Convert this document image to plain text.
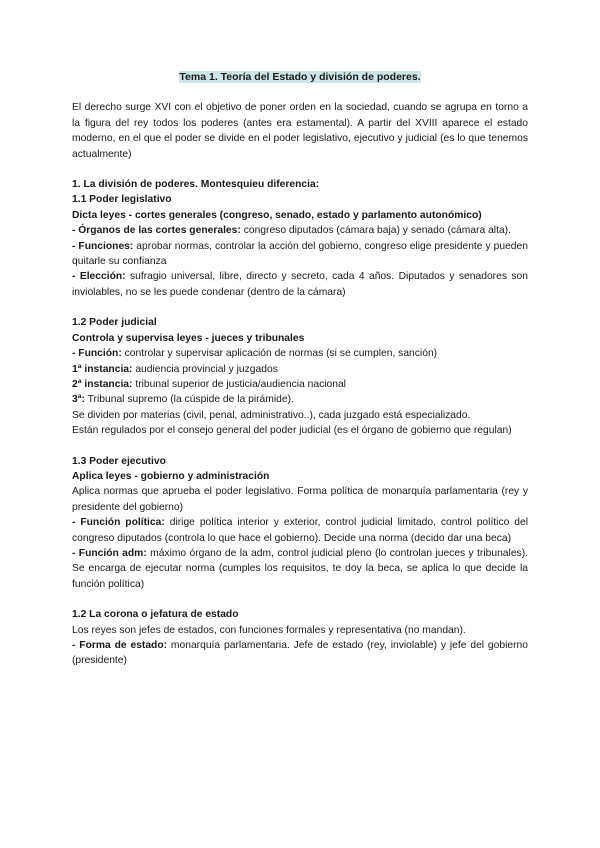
Tema 1. Teoría del Estado y división de poderes.

El derecho surge XVI con el objetivo de poner orden en la sociedad, cuando se agrupa en torno a la figura del rey todos los poderes (antes era estamental). A partir del XVIII aparece el estado moderno, en el que el poder se divide en el poder legislativo, ejecutivo y judicial (es lo que tenemos actualmente)

1. La división de poderes. Montesquieu diferencia:

1.1 Poder legislativo

Dicta leyes - cortes generales (congreso, senado, estado y parlamento autonómico)

- Órganos de las cortes generales: congreso diputados (cámara baja) y senado (cámara alta).

- Funciones: aprobar normas, controlar la acción del gobierno, congreso elige presidente y pueden quitarle su confianza

- Elección: sufragio universal, libre, directo y secreto, cada 4 años. Diputados y senadores son inviolables, no se les puede condenar (dentro de la cámara)

1.2 Poder judicial

Controla y supervisa leyes - jueces y tribunales

- Función: controlar y supervisar aplicación de normas (si se cumplen, sanción)

1ª instancia: audiencia provincial y juzgados

2ª instancia: tribunal superior de justicia/audiencia nacional

3ª: Tribunal supremo (la cúspide de la pirámide).

Se dividen por materias (civil, penal, administrativo..), cada juzgado está especializado.

Están regulados por el consejo general del poder judicial (es el órgano de gobierno que regulan)

1.3 Poder ejecutivo

Aplica leyes - gobierno y administración

Aplica normas que aprueba el poder legislativo. Forma política de monarquía parlamentaria (rey y presidente del gobierno)

- Función política: dirige política interior y exterior, control judicial limitado, control político del congreso diputados (controla lo que hace el gobierno). Decide una norma (decido dar una beca)

- Función adm: máximo órgano de la adm, control judicial pleno (lo controlan jueces y tribunales). Se encarga de ejecutar norma (cumples los requisitos, te doy la beca, se aplica lo que decide la función política)

1.2 La corona o jefatura de estado

Los reyes son jefes de estados, con funciones formales y representativa (no mandan).

- Forma de estado: monarquía parlamentaria. Jefe de estado (rey, inviolable) y jefe del gobierno (presidente)
